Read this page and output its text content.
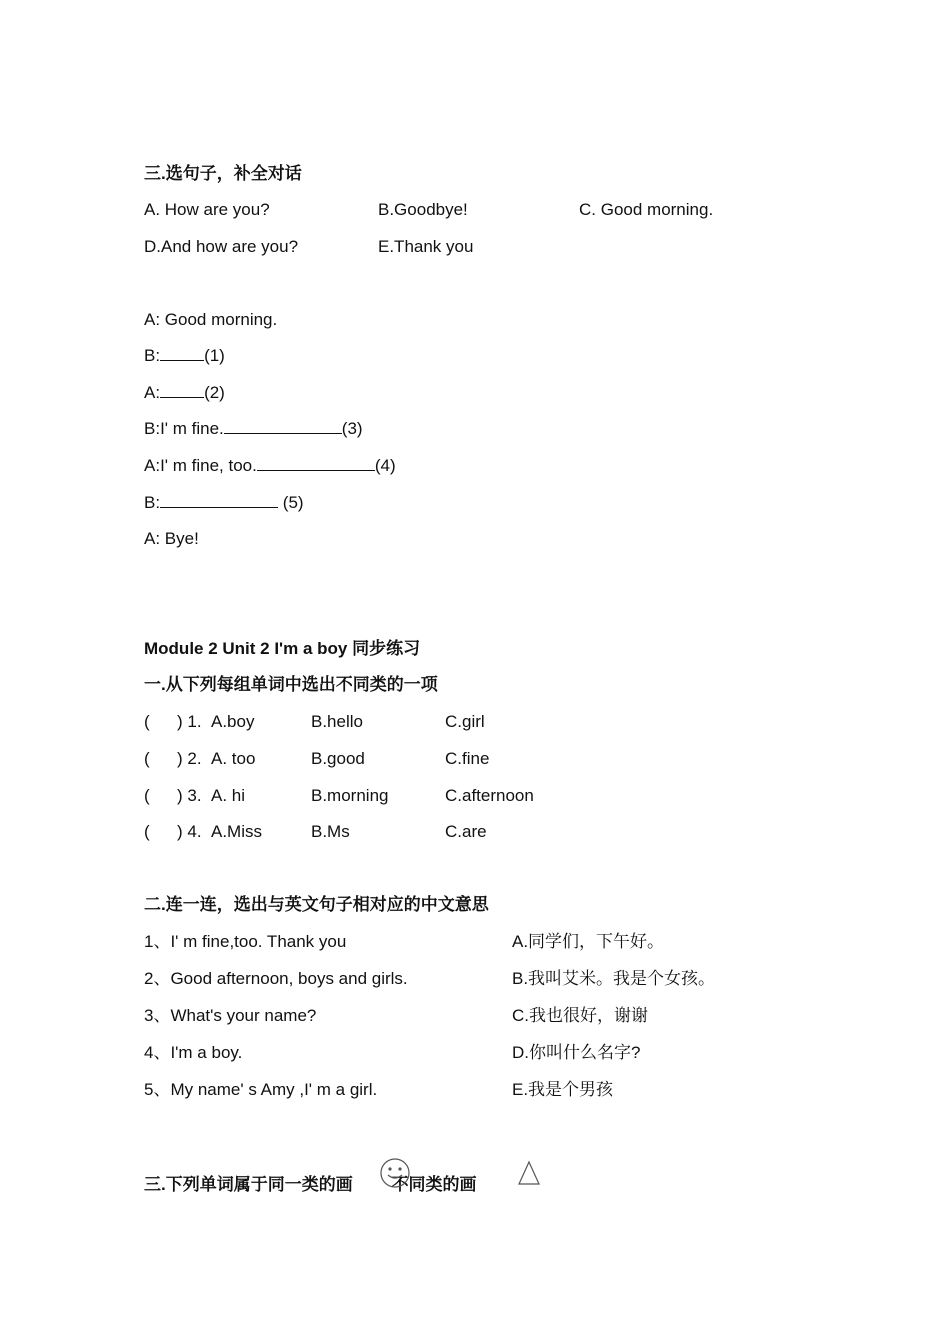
三.选句子，补全对话
A. How are you?	B.Goodbye!	C. Good morning.
D.And how are you?	E.Thank you
A: Good morning.
B:	(1)
A:	(2)
B:I' m fine.	(3)
A:I' m fine, too.	(4)
B:	(5)
A: Bye!
Module 2 Unit 2 I'm a boy 同步练习
一.从下列每组单词中选出不同类的一项
( ) 1. A.boy	B.hello	C.girl
( ) 2. A. too	B.good	C.fine
( ) 3. A. hi	B.morning	C.afternoon
( ) 4. A.Miss	B.Ms	C.are
二.连一连，选出与英文句子相对应的中文意思
1、I' m fine,too. Thank you	A.同学们，下午好。
2、Good afternoon, boys and girls.	B.我叫艾米。我是个女孩。
3、What's your name?	C.我也很好，谢谢
4、I'm a boy.	D.你叫什么名字?
5、My name' s Amy ,I' m a girl.	E.我是个男孩
三.下列单词属于同一类的画 不同类的画
